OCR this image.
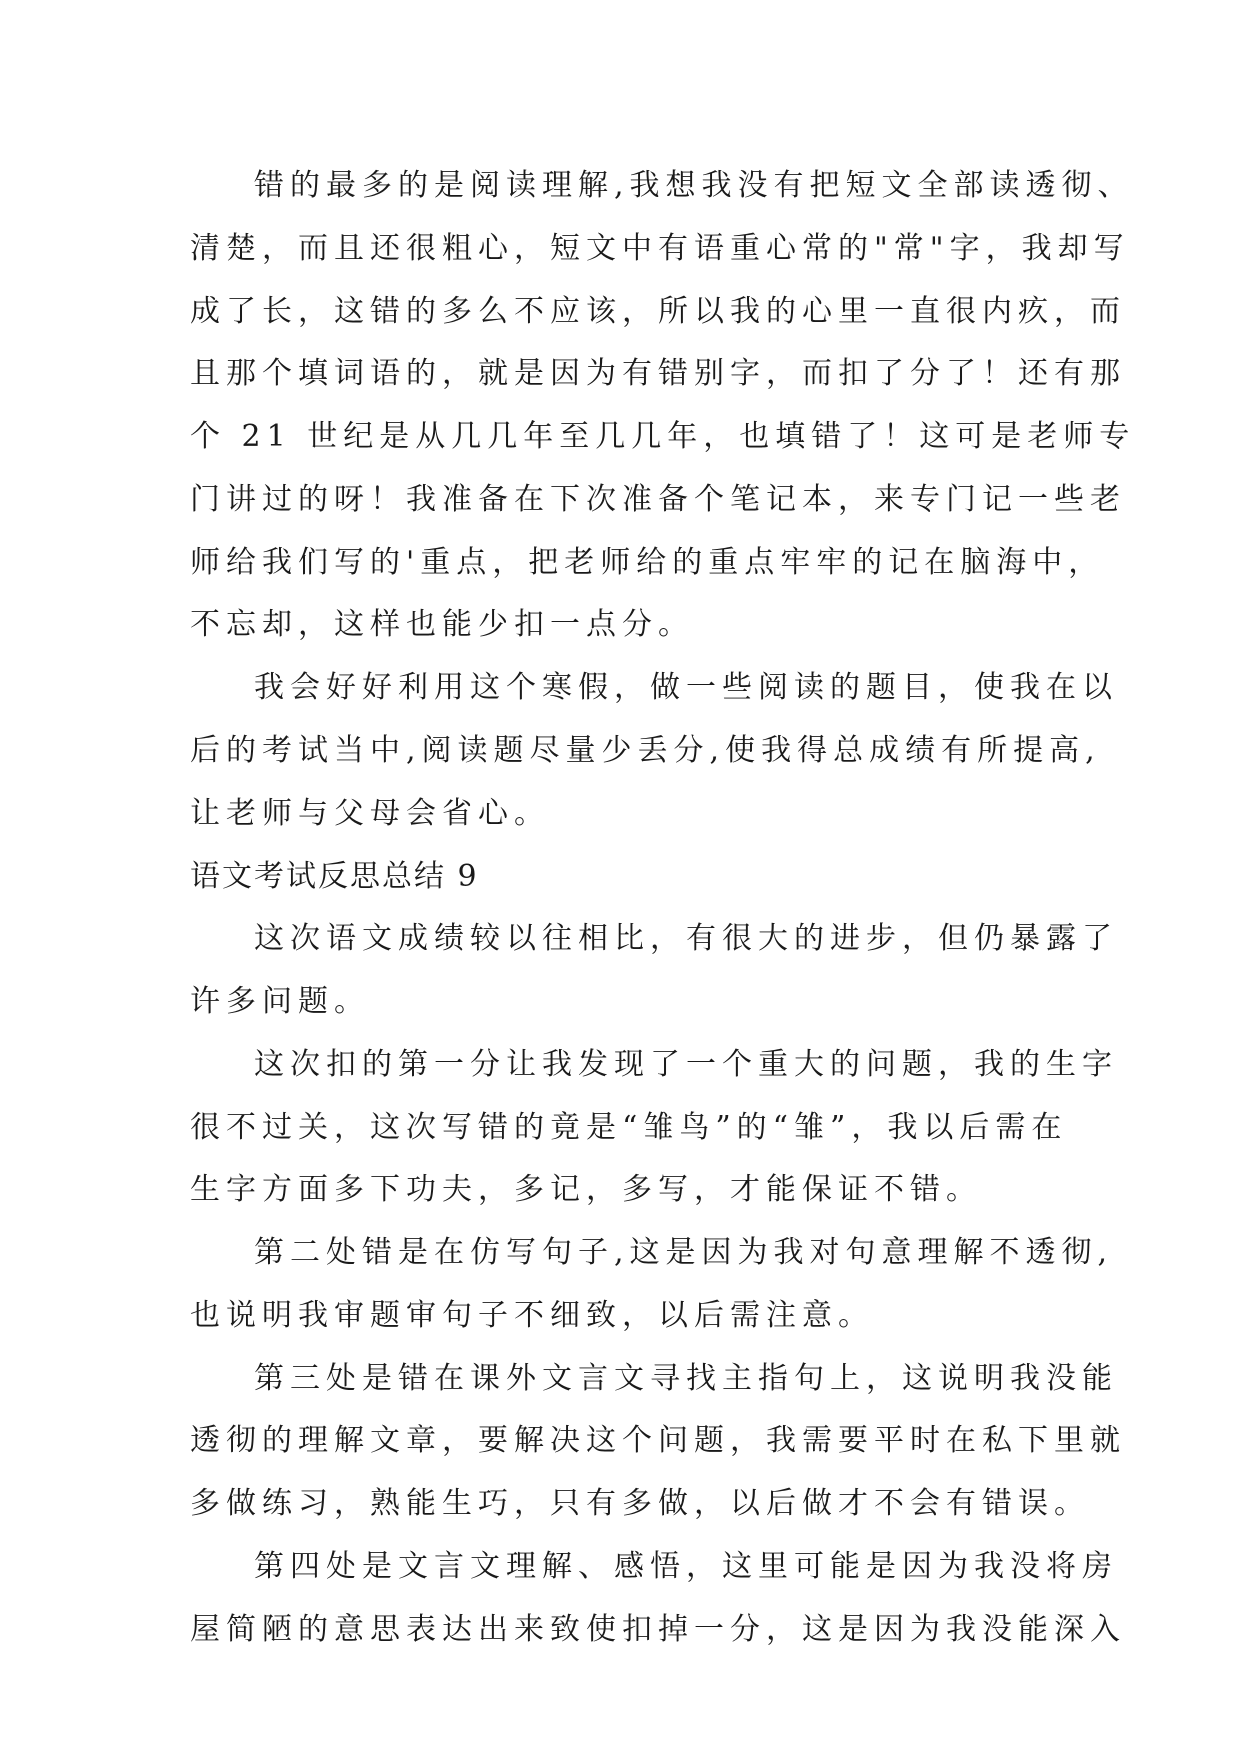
错的最多的是阅读理解,我想我没有把短文全部读透彻、
清楚，而且还很粗心，短文中有语重心常的"常"字，我却写
成了长，这错的多么不应该，所以我的心里一直很内疚，而
且那个填词语的，就是因为有错别字，而扣了分了！还有那
个 21 世纪是从几几年至几几年，也填错了！这可是老师专
门讲过的呀！我准备在下次准备个笔记本，来专门记一些老
师给我们写的'重点，把老师给的重点牢牢的记在脑海中，
不忘却，这样也能少扣一点分。
我会好好利用这个寒假，做一些阅读的题目，使我在以
后的考试当中,阅读题尽量少丢分,使我得总成绩有所提高,
让老师与父母会省心。
语文考试反思总结 9
这次语文成绩较以往相比，有很大的进步，但仍暴露了
许多问题。
这次扣的第一分让我发现了一个重大的问题，我的生字
很不过关，这次写错的竟是“雏鸟”的“雏”，我以后需在
生字方面多下功夫，多记，多写，才能保证不错。
第二处错是在仿写句子,这是因为我对句意理解不透彻,
也说明我审题审句子不细致，以后需注意。
第三处是错在课外文言文寻找主指句上，这说明我没能
透彻的理解文章，要解决这个问题，我需要平时在私下里就
多做练习，熟能生巧，只有多做，以后做才不会有错误。
第四处是文言文理解、感悟，这里可能是因为我没将房
屋简陋的意思表达出来致使扣掉一分，这是因为我没能深入
